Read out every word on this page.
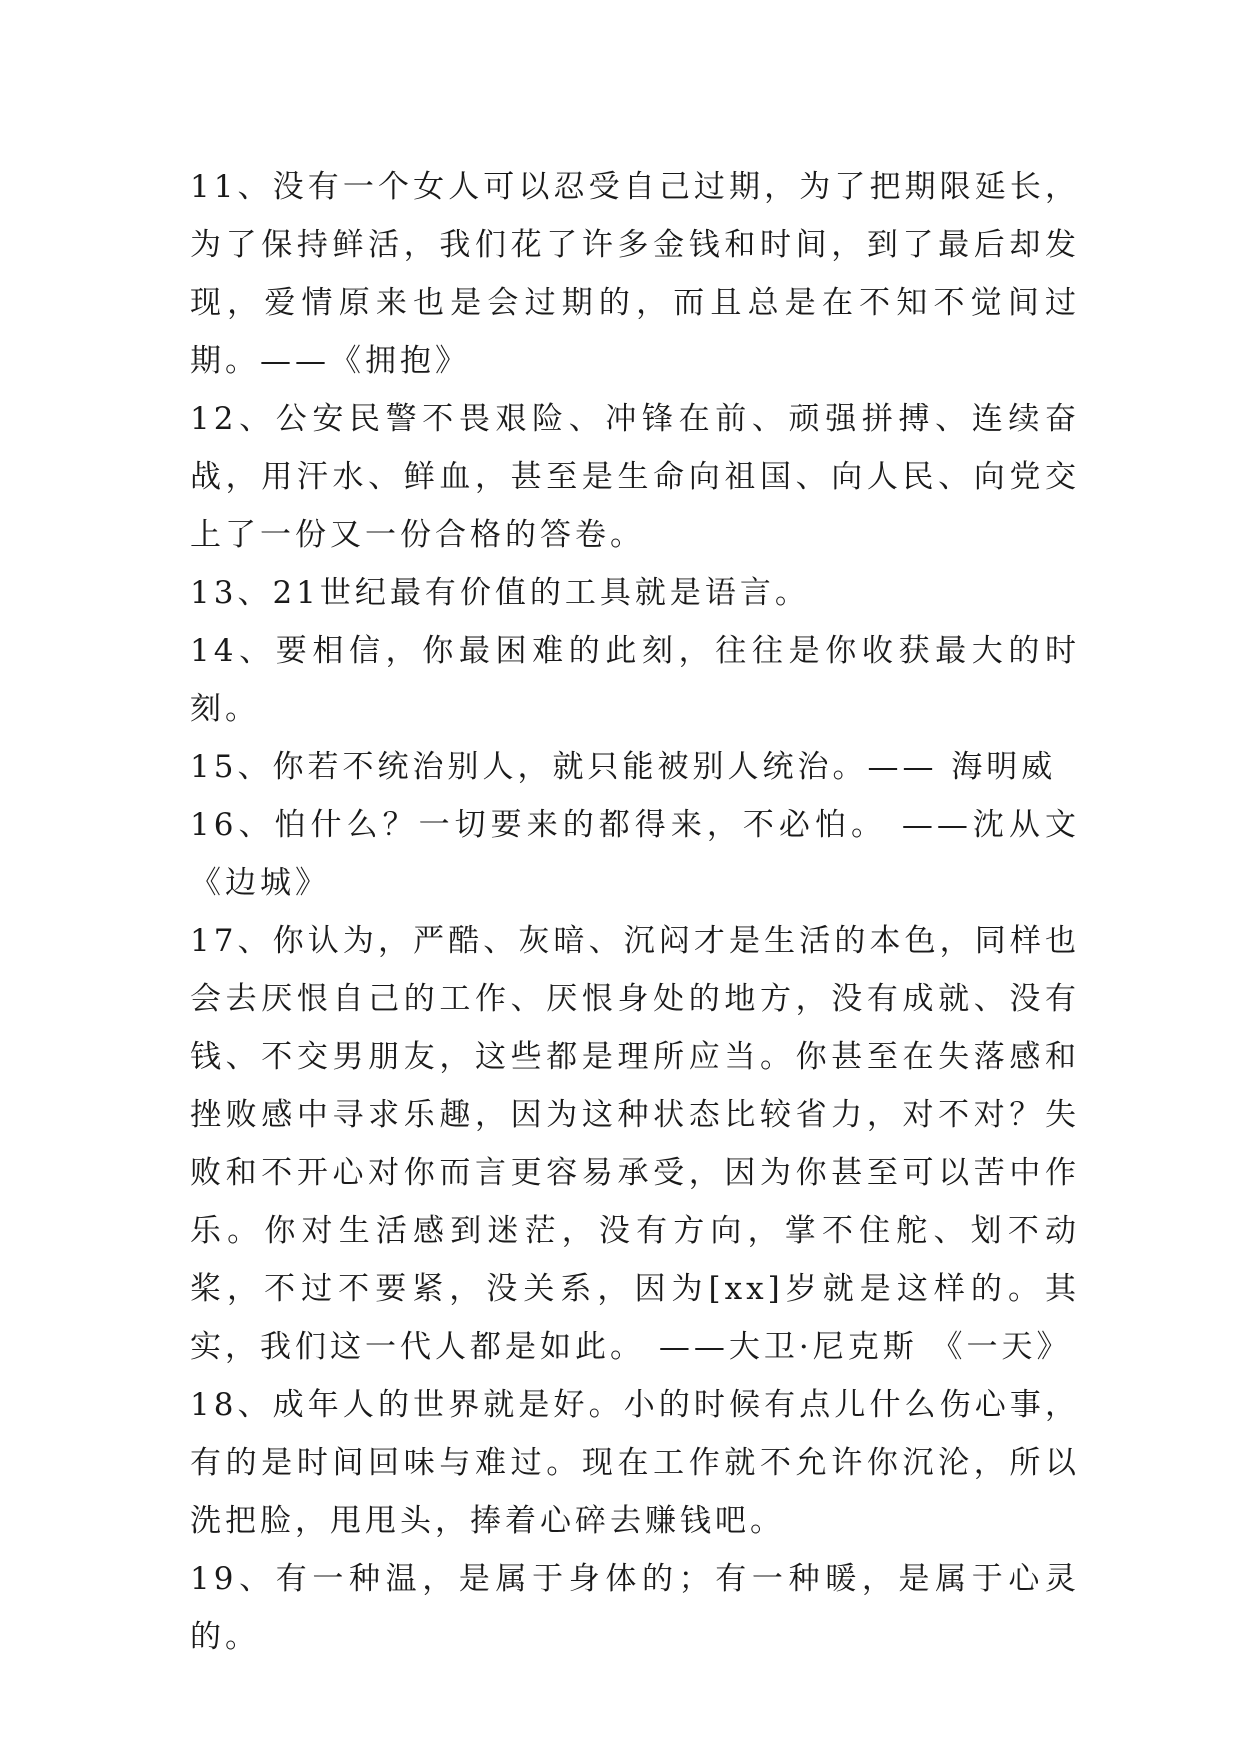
11、没有一个女人可以忍受自己过期，为了把期限延长，为了保持鲜活，我们花了许多金钱和时间，到了最后却发现，爱情原来也是会过期的，而且总是在不知不觉间过期。——《拥抱》

12、公安民警不畏艰险、冲锋在前、顽强拼搏、连续奋战，用汗水、鲜血，甚至是生命向祖国、向人民、向党交上了一份又一份合格的答卷。

13、21世纪最有价值的工具就是语言。

14、要相信，你最困难的此刻，往往是你收获最大的时刻。

15、你若不统治别人，就只能被别人统治。—— 海明威

16、怕什么？一切要来的都得来，不必怕。 ——沈从文《边城》

17、你认为，严酷、灰暗、沉闷才是生活的本色，同样也会去厌恨自己的工作、厌恨身处的地方，没有成就、没有钱、不交男朋友，这些都是理所应当。你甚至在失落感和挫败感中寻求乐趣，因为这种状态比较省力，对不对？失败和不开心对你而言更容易承受，因为你甚至可以苦中作乐。你对生活感到迷茫，没有方向，掌不住舵、划不动桨，不过不要紧，没关系，因为[xx]岁就是这样的。其实，我们这一代人都是如此。 ——大卫·尼克斯 《一天》

18、成年人的世界就是好。小的时候有点儿什么伤心事，有的是时间回味与难过。现在工作就不允许你沉沦，所以洗把脸，甩甩头，捧着心碎去赚钱吧。

19、有一种温，是属于身体的；有一种暖，是属于心灵的。
